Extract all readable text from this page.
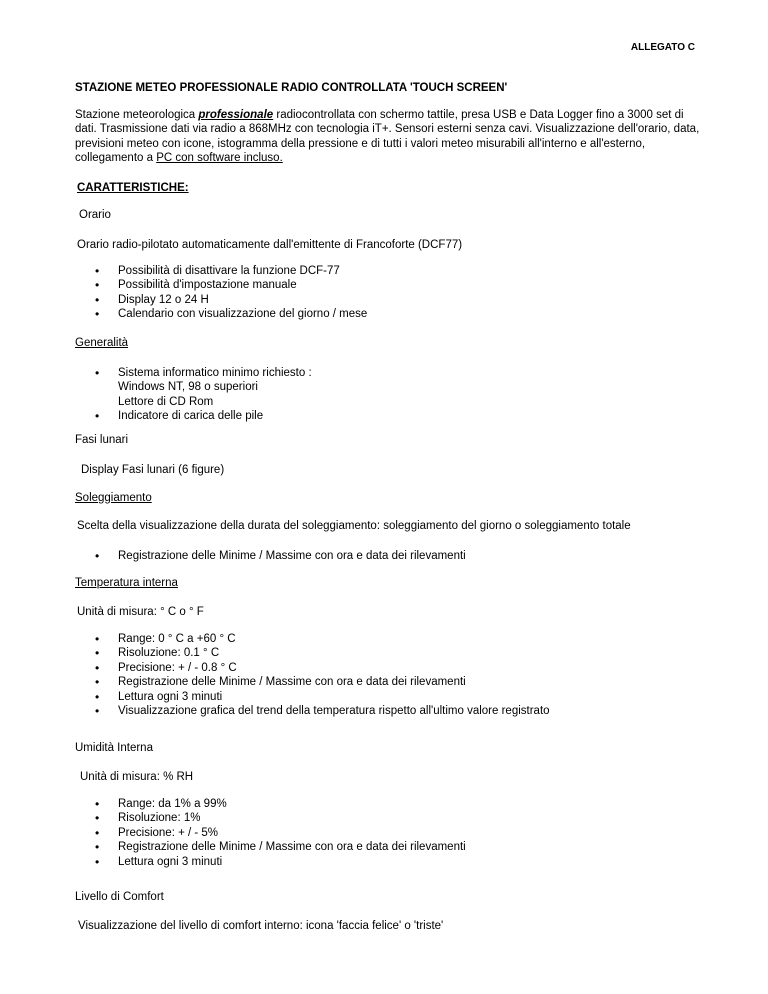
ALLEGATO C
STAZIONE METEO PROFESSIONALE RADIO CONTROLLATA 'TOUCH SCREEN'

Stazione meteorologica professionale radiocontrollata con schermo tattile, presa USB e Data Logger fino a 3000 set di dati. Trasmissione dati via radio a 868MHz con tecnologia iT+. Sensori esterni senza cavi. Visualizzazione dell'orario, data, previsioni meteo con icone, istogramma della pressione e di tutti i valori meteo misurabili all'interno e all'esterno, collegamento a PC con software incluso.

CARATTERISTICHE:
Orario
Orario radio-pilotato automaticamente dall'emittente di Francoforte (DCF77)
• Possibilità di disattivare la funzione DCF-77
• Possibilità d'impostazione manuale
• Display 12 o 24 H
• Calendario con visualizzazione del giorno / mese
Generalità
• Sistema informatico minimo richiesto :
Windows NT, 98 o superiori
Lettore di CD Rom
• Indicatore di carica delle pile
Fasi lunari
Display Fasi lunari (6 figure)
Soleggiamento
Scelta della visualizzazione della durata del soleggiamento: soleggiamento del giorno o soleggiamento totale
• Registrazione delle Minime / Massime con ora e data dei rilevamenti
Temperatura interna
Unità di misura: ° C o ° F
• Range: 0 ° C a +60 ° C
• Risoluzione: 0.1 ° C
• Precisione: + / - 0.8 ° C
• Registrazione delle Minime / Massime con ora e data dei rilevamenti
• Lettura ogni 3 minuti
• Visualizzazione grafica del trend della temperatura rispetto all'ultimo valore registrato
Umidità Interna
Unità di misura: % RH
• Range: da 1% a 99%
• Risoluzione: 1%
• Precisione: + / - 5%
• Registrazione delle Minime / Massime con ora e data dei rilevamenti
• Lettura ogni 3 minuti
Livello di Comfort
Visualizzazione del livello di comfort interno: icona 'faccia felice' o 'triste'
